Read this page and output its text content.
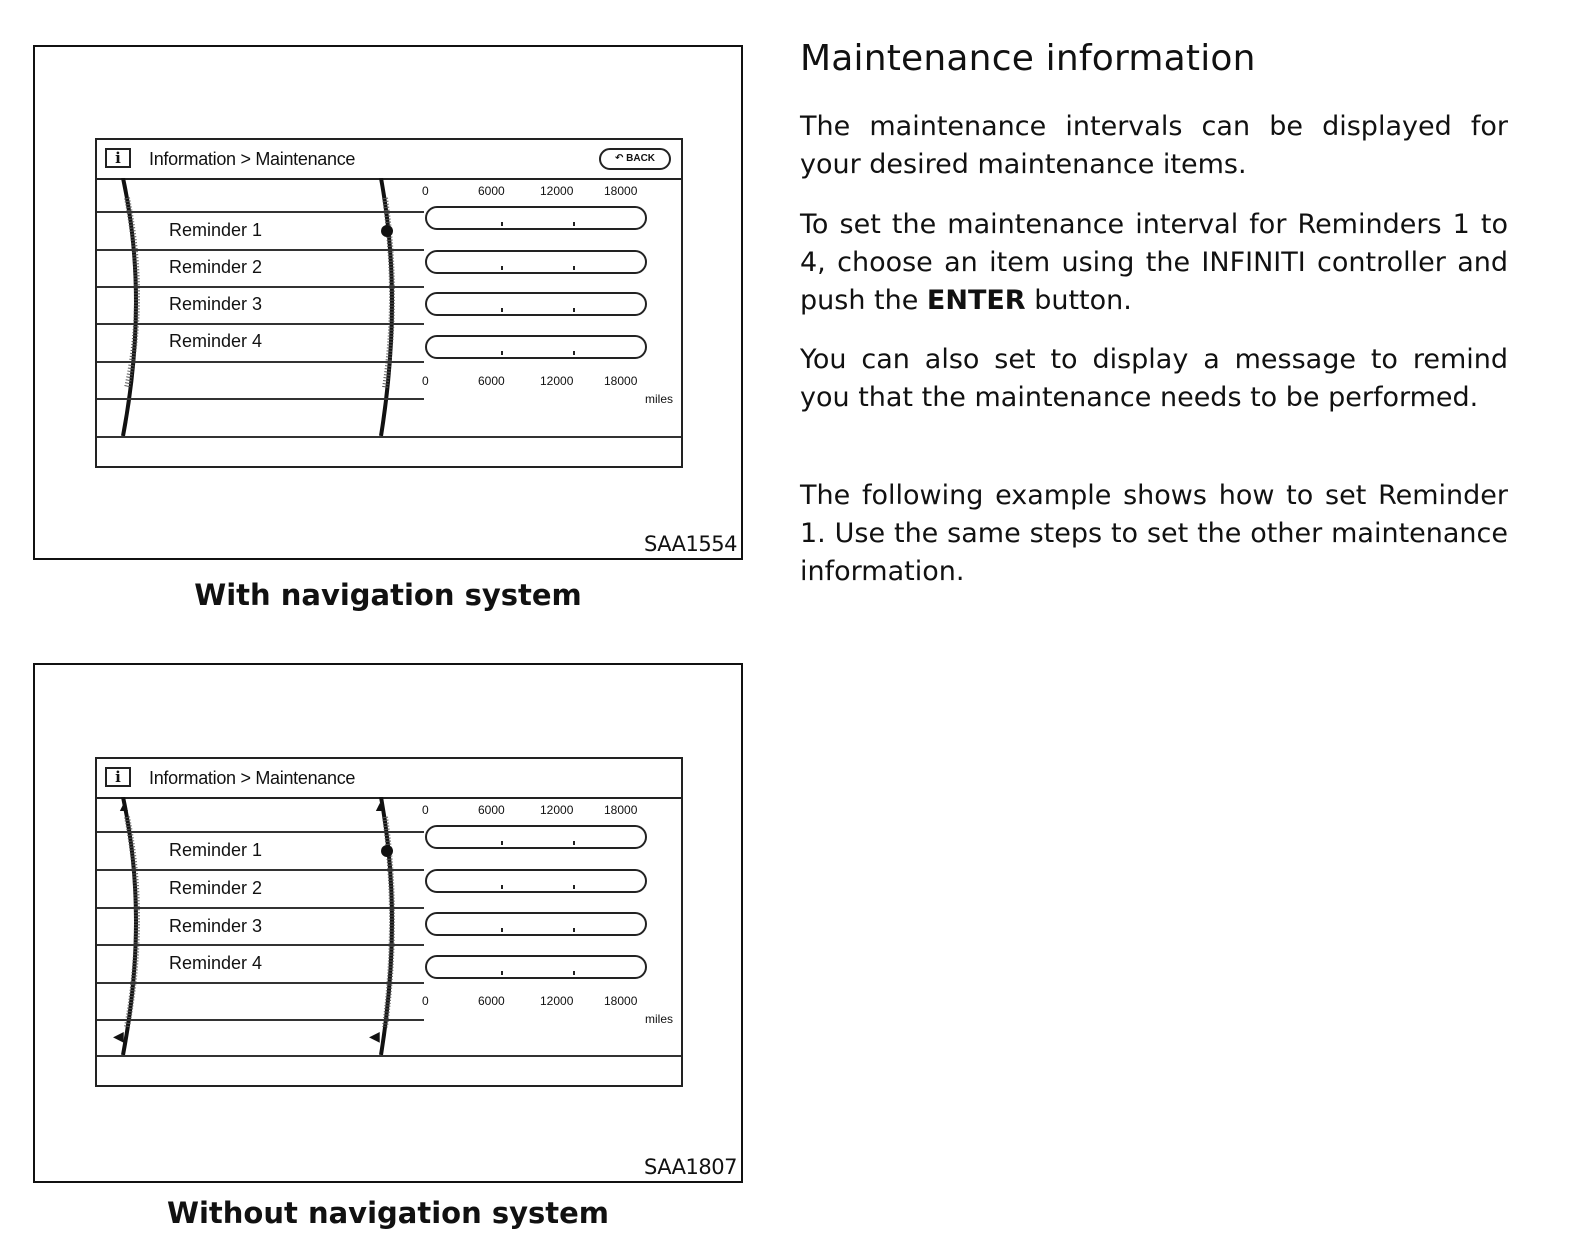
i	Information > Maintenance	↶ BACK
Reminder 1
Reminder 2
Reminder 3
Reminder 4
0	6000	12000	18000
0	6000	12000	18000
miles
SAA1554
With navigation system
i	Information > Maintenance
▲	▲
◀	◀
Reminder 1
Reminder 2
Reminder 3
Reminder 4
0	6000	12000	18000
0	6000	12000	18000
miles
SAA1807
Without navigation system
Maintenance information

The maintenance intervals can be displayed for your desired maintenance items.

To set the maintenance interval for Reminders 1 to 4, choose an item using the INFINITI controller and push the ENTER button.

You can also set to display a message to remind you that the maintenance needs to be performed.

The following example shows how to set Reminder 1. Use the same steps to set the other maintenance information.
